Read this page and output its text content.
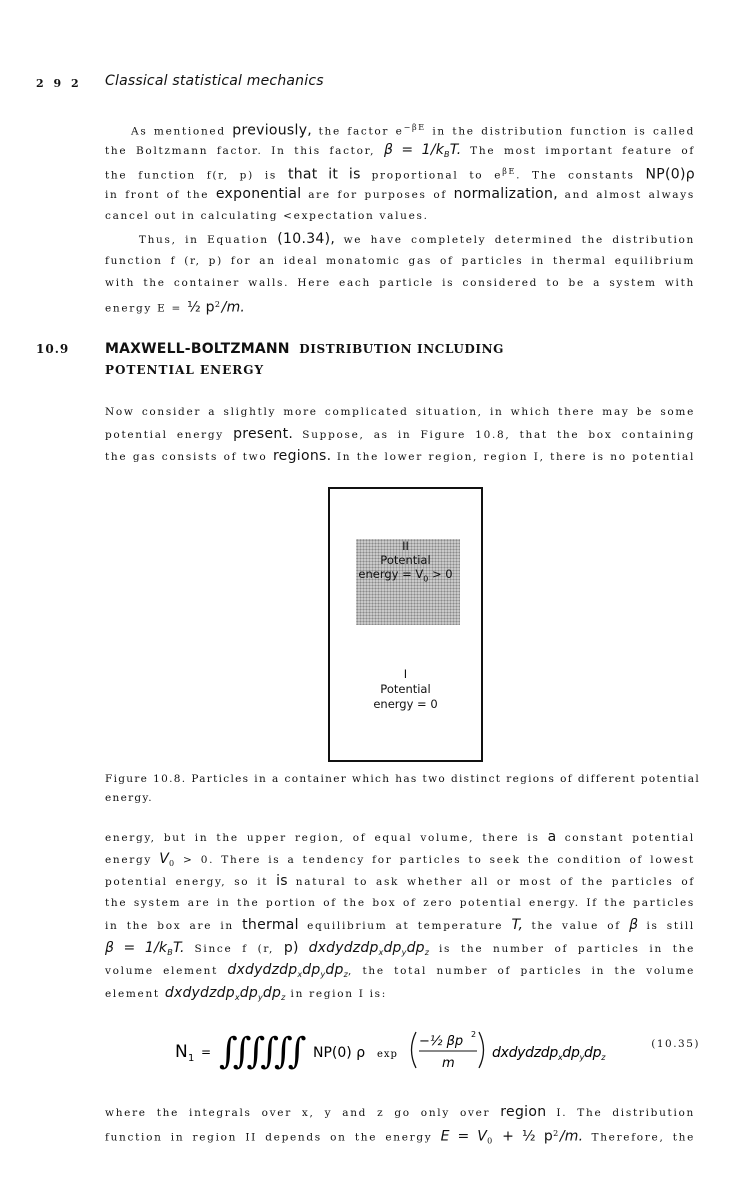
2 9 2 Classical statistical mechanics
As mentioned previously, the factor $e^{-\beta E}$ in the distribution function is called
the Boltzmann factor. In this factor, $\beta = 1/k_BT$. The most important feature of
the function f(r, p) is that it is proportional to $e^{\beta E}$. The constants NP(0)ρ
in front of the exponential are for purposes of normalization, and almost always
cancel out in calculating <expectation values.
Thus, in Equation (10.34), we have completely determined the distribution
function f (r, p) for an ideal monatomic gas of particles in thermal equilibrium
with the container walls. Here each particle is considered to be a system with
energy E = ½ $p^2/m$.
10.9	MAXWELL-BOLTZMANN DISTRIBUTION INCLUDING
POTENTIAL ENERGY
Now consider a slightly more complicated situation, in which there may be some
potential energy present. Suppose, as in Figure 10.8, that the box containing
the gas consists of two regions. In the lower region, region I, there is no potential
II
Potential
energy = $V_0 > 0$
I
Potential
energy = 0
Figure 10.8. Particles in a container which has two distinct regions of different potential
energy.
energy, but in the upper region, of equal volume, there is a constant potential
energy $V_0 > 0$. There is a tendency for particles to seek the condition of lowest
potential energy, so it is natural to ask whether all or most of the particles of
the system are in the portion of the box of zero potential energy. If the particles
in the box are in thermal equilibrium at temperature T, the value of β is still
$\beta = 1/k_BT$. Since f (r, p) $dxdydzdp_xdp_ydp_z$ is the number of particles in the
volume element $dxdydzdp_xdp_ydp_z$, the total number of particles in the volume
element $dxdydzdp_xdp_ydp_z$ in region I is:
N 1 = ∫∫∫∫∫∫ NP(0) ρ exp
−½ βp 2
m
$dxdydzdp_xdp_ydp_z$
(10.35)
where the integrals over x, y and z go only over region I. The distribution
function in region II depends on the energy $E = V_0$ + ½ $p^2/m$. Therefore, the
